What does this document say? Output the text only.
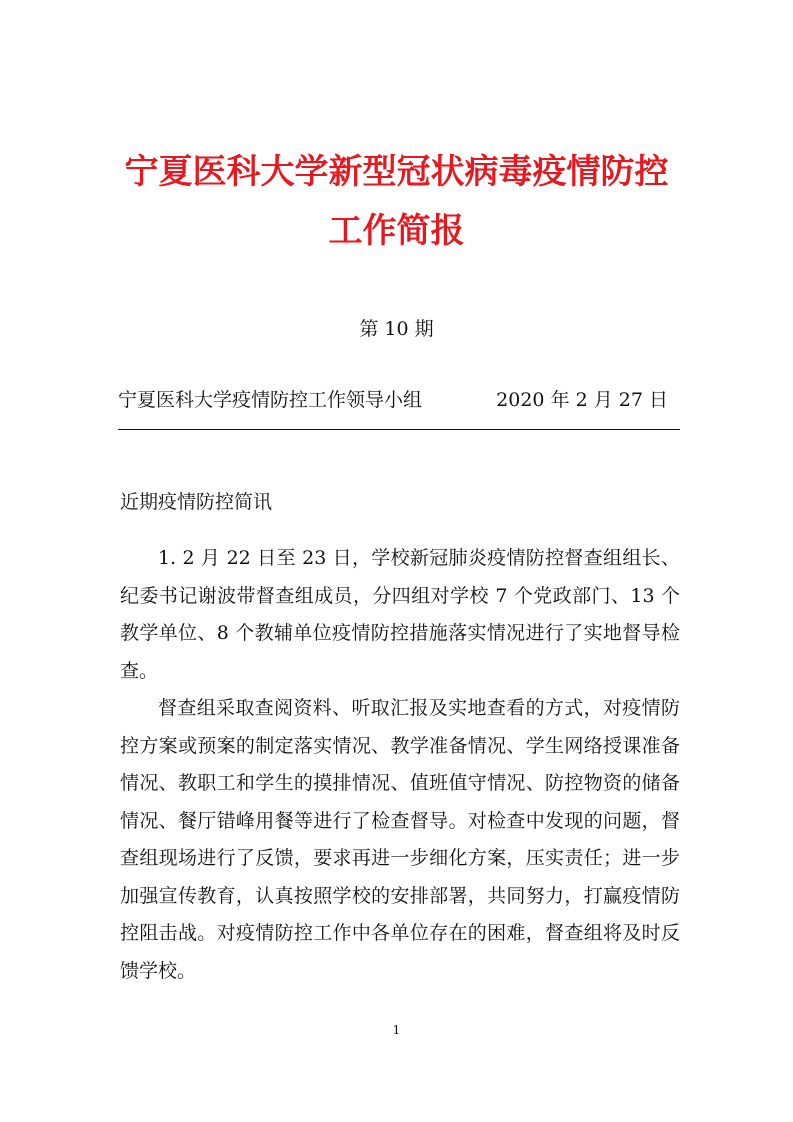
宁夏医科大学新型冠状病毒疫情防控
工作简报
第 10 期
宁夏医科大学疫情防控工作领导小组	2020 年 2 月 27 日
近期疫情防控简讯

1. 2 月 22 日至 23 日，学校新冠肺炎疫情防控督查组组长、纪委书记谢波带督查组成员，分四组对学校 7 个党政部门、13 个教学单位、8 个教辅单位疫情防控措施落实情况进行了实地督导检查。

督查组采取查阅资料、听取汇报及实地查看的方式，对疫情防控方案或预案的制定落实情况、教学准备情况、学生网络授课准备情况、教职工和学生的摸排情况、值班值守情况、防控物资的储备情况、餐厅错峰用餐等进行了检查督导。对检查中发现的问题，督查组现场进行了反馈，要求再进一步细化方案，压实责任；进一步加强宣传教育，认真按照学校的安排部署，共同努力，打赢疫情防控阻击战。对疫情防控工作中各单位存在的困难，督查组将及时反馈学校。

1
